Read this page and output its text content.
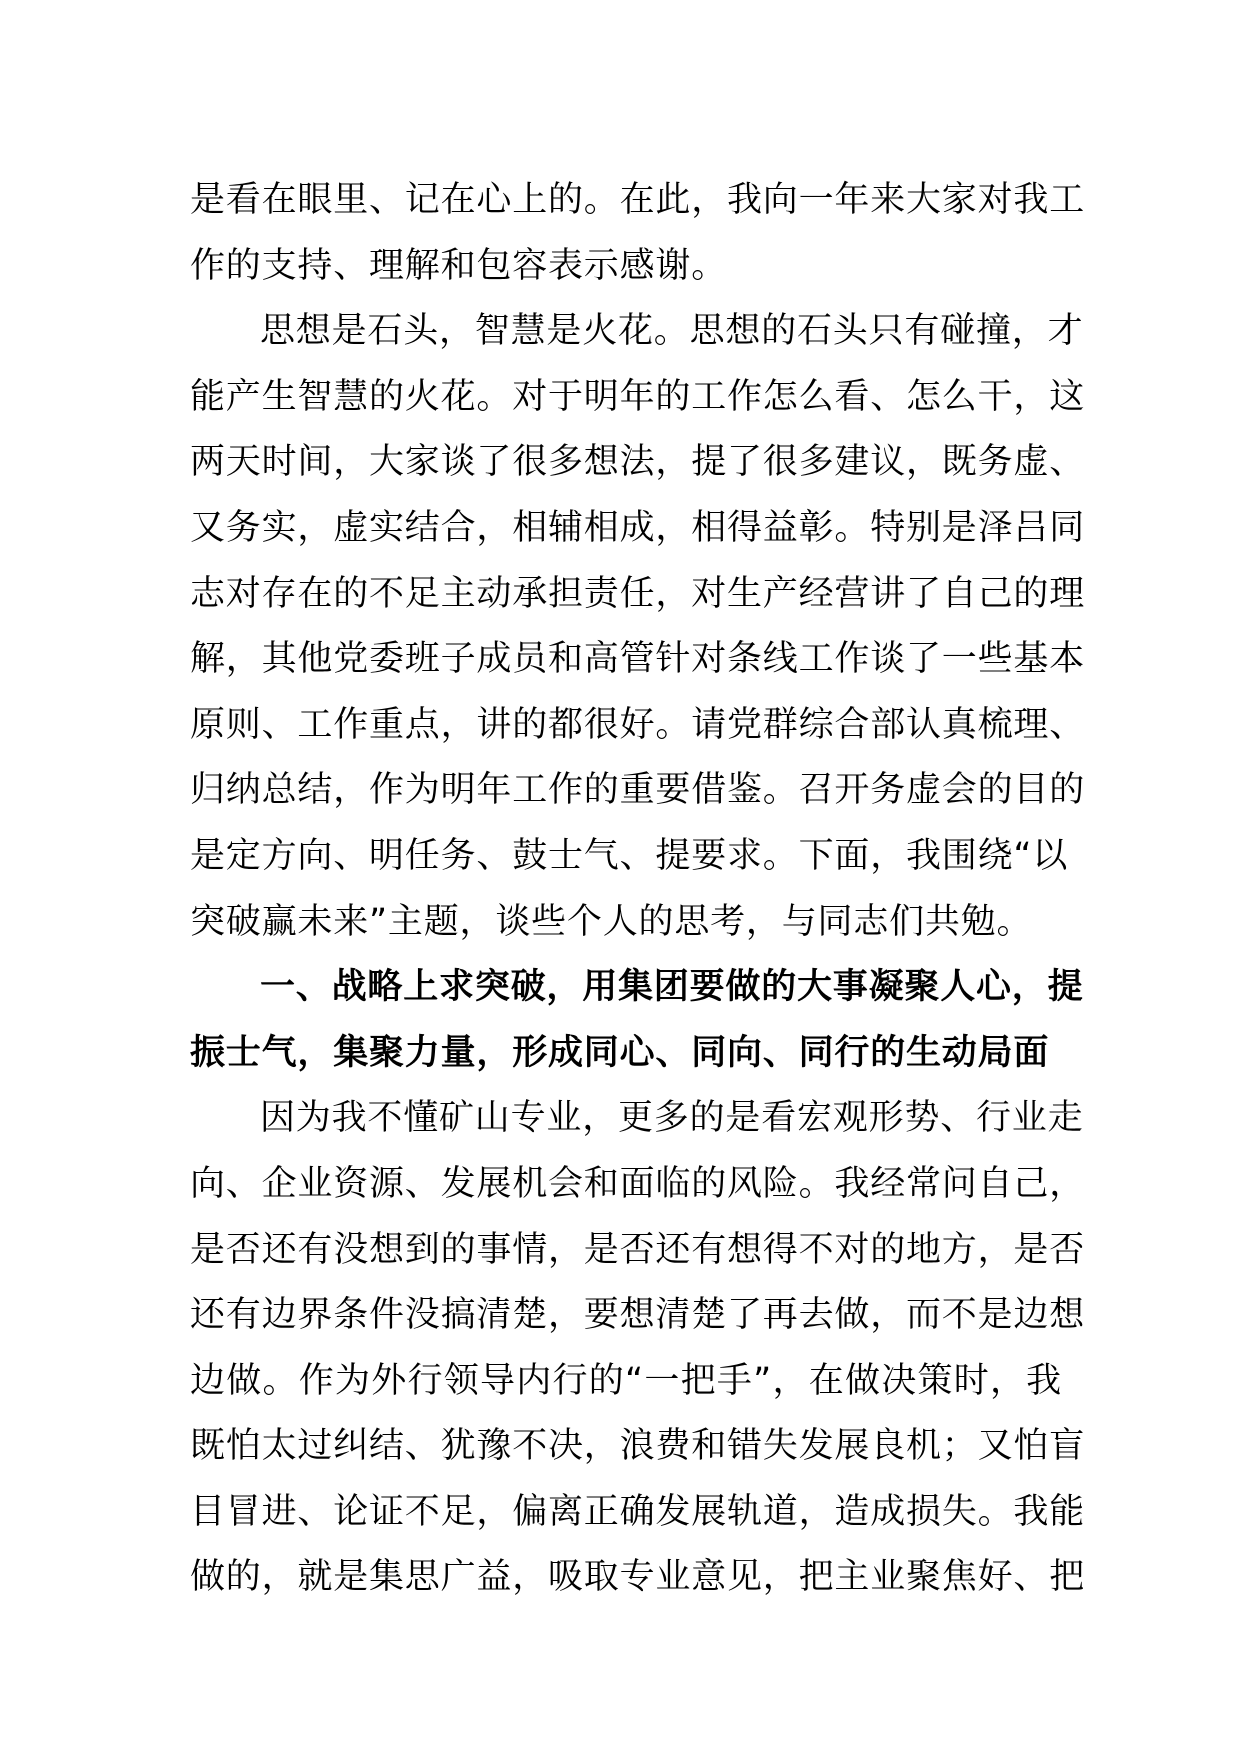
是看在眼里、记在心上的。在此，我向一年来大家对我工
作的支持、理解和包容表示感谢。
思想是石头，智慧是火花。思想的石头只有碰撞，才
能产生智慧的火花。对于明年的工作怎么看、怎么干，这
两天时间，大家谈了很多想法，提了很多建议，既务虚、
又务实，虚实结合，相辅相成，相得益彰。特别是泽吕同
志对存在的不足主动承担责任，对生产经营讲了自己的理
解，其他党委班子成员和高管针对条线工作谈了一些基本
原则、工作重点，讲的都很好。请党群综合部认真梳理、
归纳总结，作为明年工作的重要借鉴。召开务虚会的目的
是定方向、明任务、鼓士气、提要求。下面，我围绕“以
突破赢未来”主题，谈些个人的思考，与同志们共勉。
一、战略上求突破，用集团要做的大事凝聚人心，提
振士气，集聚力量，形成同心、同向、同行的生动局面
因为我不懂矿山专业，更多的是看宏观形势、行业走
向、企业资源、发展机会和面临的风险。我经常问自己，
是否还有没想到的事情，是否还有想得不对的地方，是否
还有边界条件没搞清楚，要想清楚了再去做，而不是边想
边做。作为外行领导内行的“一把手”，在做决策时，我
既怕太过纠结、犹豫不决，浪费和错失发展良机；又怕盲
目冒进、论证不足，偏离正确发展轨道，造成损失。我能
做的，就是集思广益，吸取专业意见，把主业聚焦好、把
